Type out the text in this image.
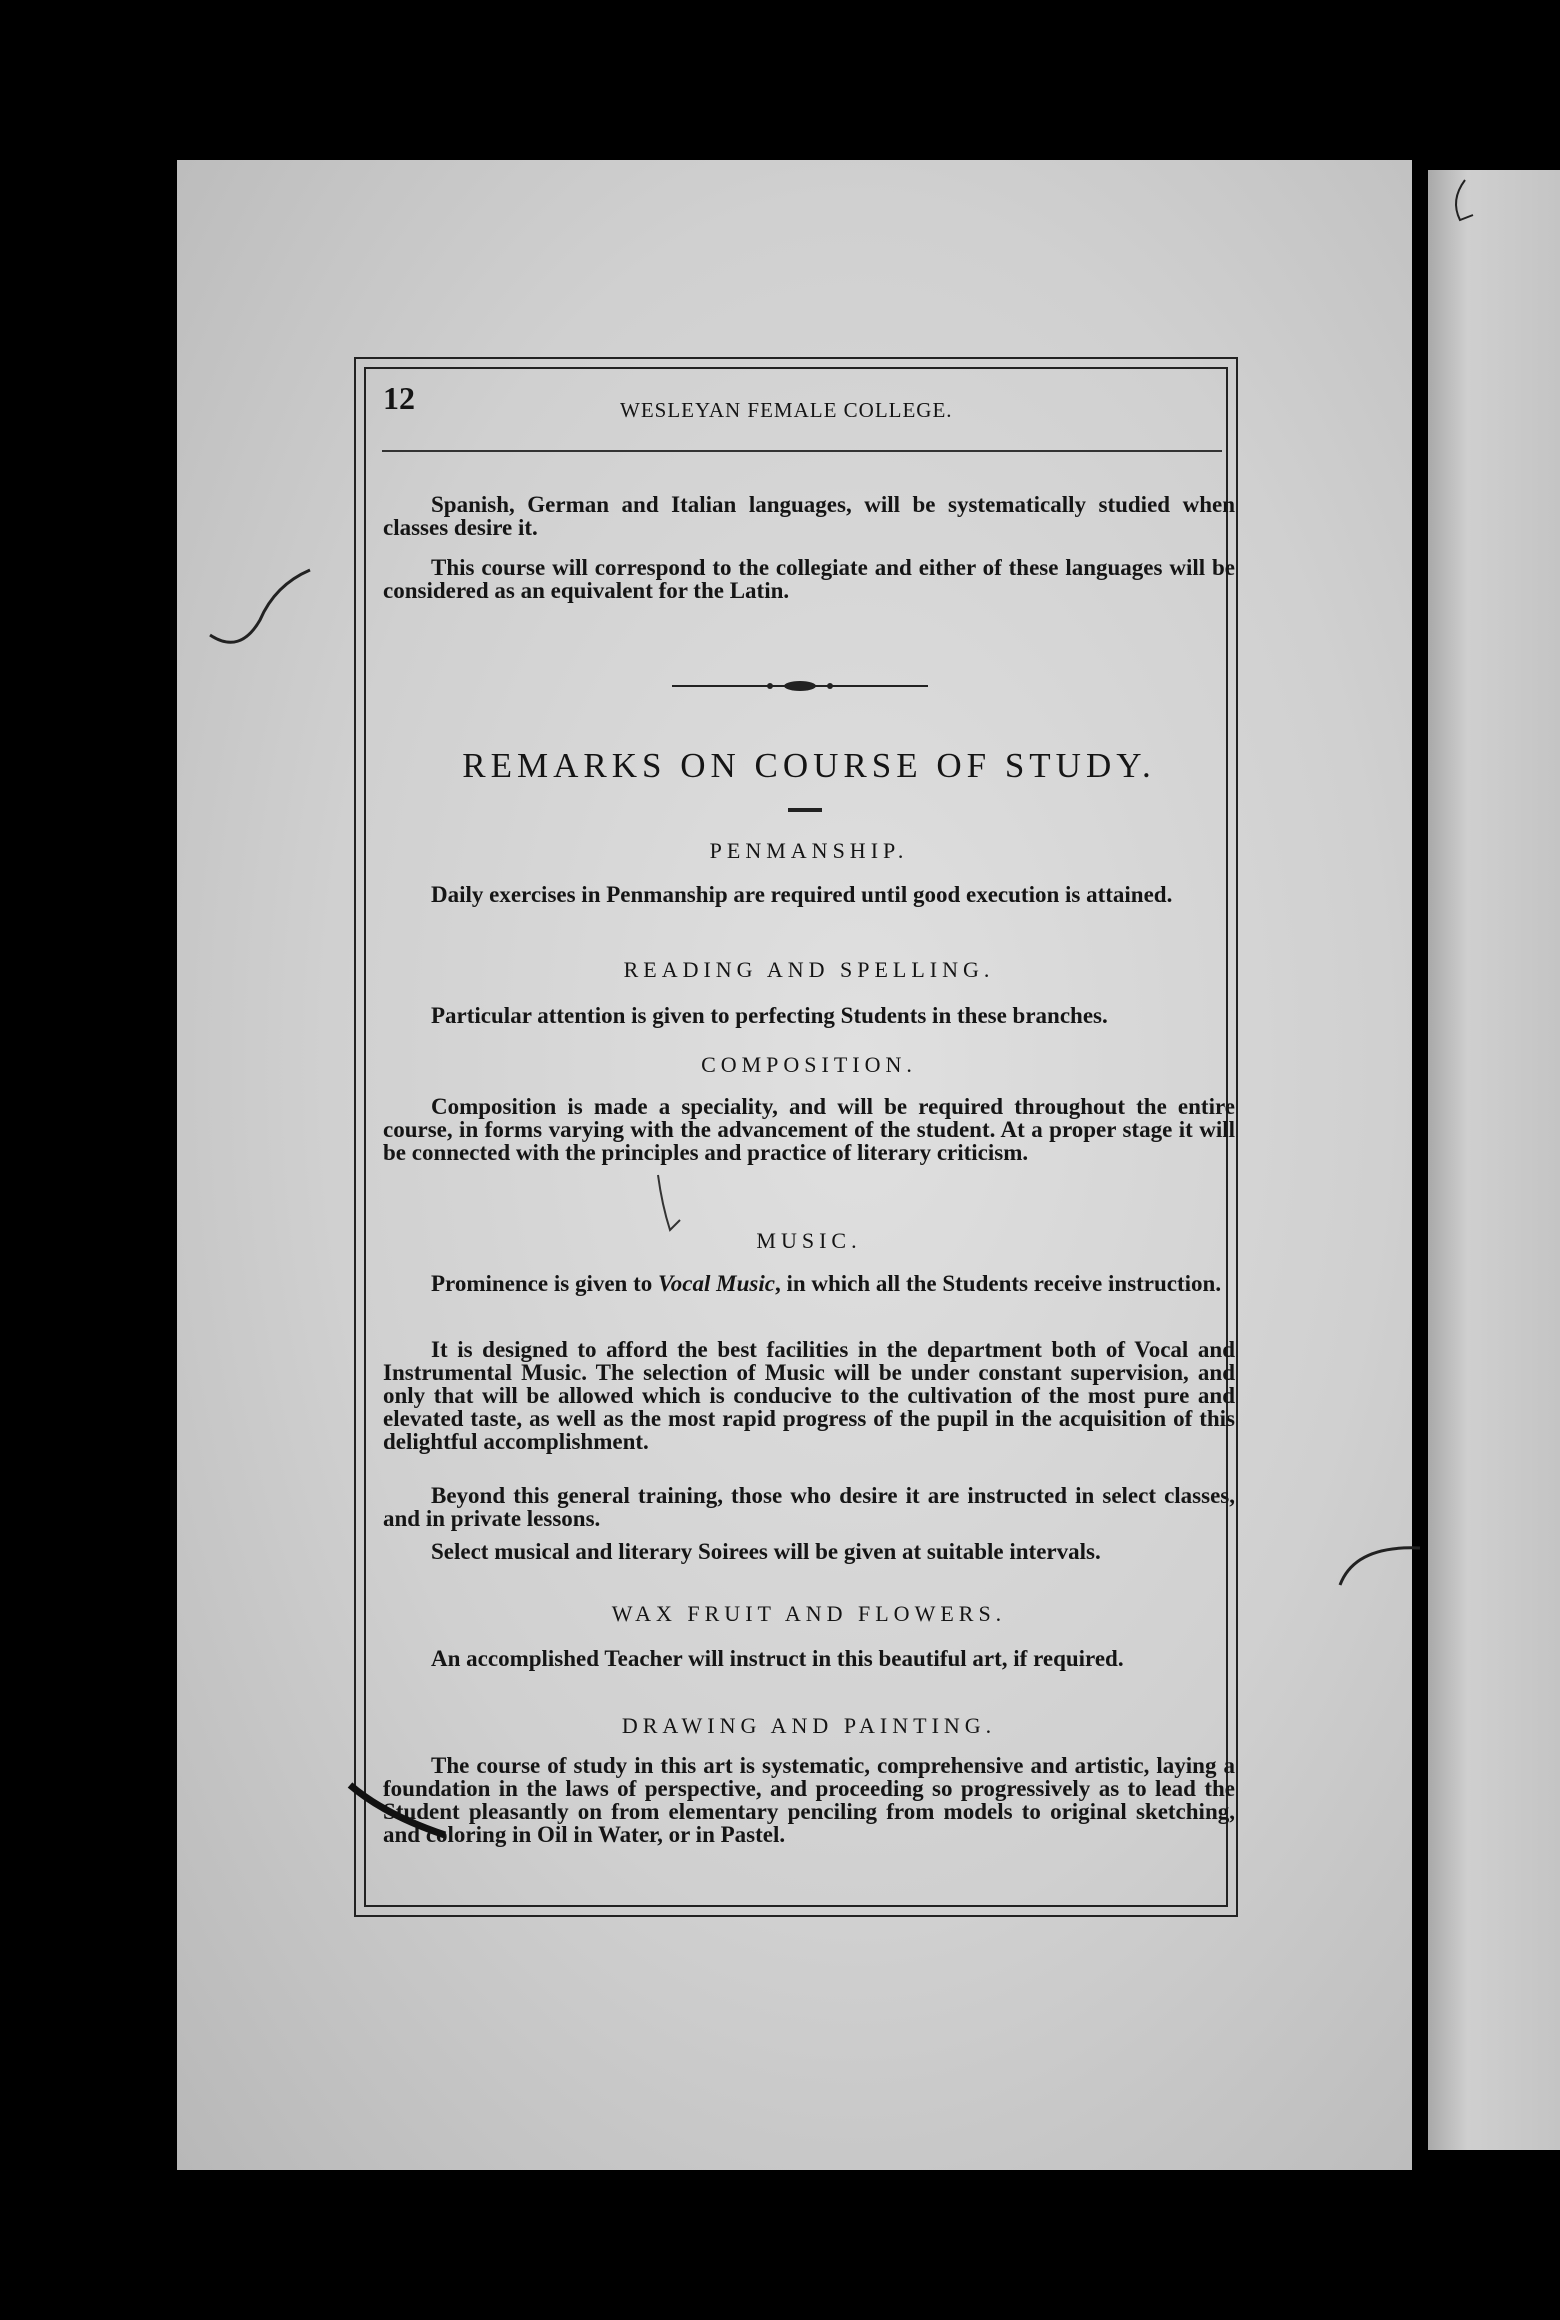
12	WESLEYAN FEMALE COLLEGE.
Spanish, German and Italian languages, will be systematically studied when classes desire it.
This course will correspond to the collegiate and either of these languages will be considered as an equivalent for the Latin.
REMARKS ON COURSE OF STUDY.
PENMANSHIP.
Daily exercises in Penmanship are required until good execution is attained.
READING AND SPELLING.
Particular attention is given to perfecting Students in these branches.
COMPOSITION.
Composition is made a speciality, and will be required throughout the entire course, in forms varying with the advancement of the student. At a proper stage it will be connected with the principles and practice of literary criticism.
MUSIC.
Prominence is given to Vocal Music, in which all the Students receive instruction.
It is designed to afford the best facilities in the department both of Vocal and Instrumental Music. The selection of Music will be under constant supervision, and only that will be allowed which is conducive to the cultivation of the most pure and elevated taste, as well as the most rapid progress of the pupil in the acquisition of this delightful accomplishment.
Beyond this general training, those who desire it are instructed in select classes, and in private lessons.
Select musical and literary Soirees will be given at suitable intervals.
WAX FRUIT AND FLOWERS.
An accomplished Teacher will instruct in this beautiful art, if required.
DRAWING AND PAINTING.
The course of study in this art is systematic, comprehensive and artistic, laying a foundation in the laws of perspective, and proceeding so progressively as to lead the Student pleasantly on from elementary penciling from models to original sketching, and coloring in Oil in Water, or in Pastel.
